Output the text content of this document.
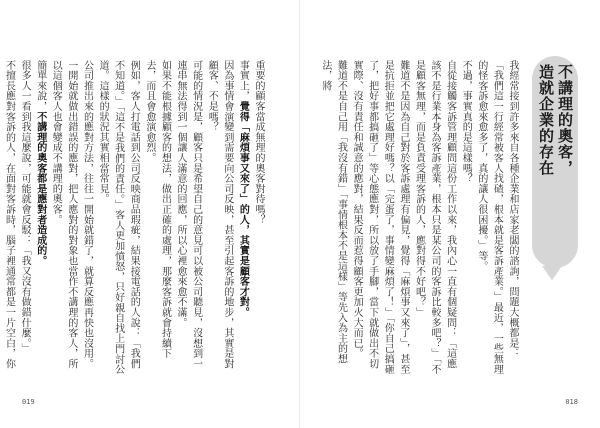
重要的顧客當成無理的奧客對待嗎？

事實上，覺得「麻煩事又來了」的人，其實是顧客才對。

因為事情會演變到需要向公司反映，甚至引起客訴的地步，其實是對顧客、不是嗎？

可能的情況是，顧客只是希望自己的意見可以被公司聽見，沒想到一連串無法得到一個讓人滿意的回應，所以心裡愈來愈不滿。

如果不能根據顧客的想法，做出正確的處理，那麼客訴就會持續下去，而且會愈演愈烈。

例如，客人打電話到公司反映商品瑕疵，結果接電話的人說：「我們不知道。」「這不是我們的責任。」客人更加憤怒，只好親自找上門討公道。這樣的狀況其實相當常見。

公司推出來的應對方法，往往一開始就錯了，就算反應再快也沒用。一開始就做出錯誤的應對，把人應對的對象也當作不講理的客人，所以這個客人也會變成不講理的奧客。

簡單來說，不講理的奧客都是應對者造成的。

很多人一看到我這麼說，可能就會反駁：「我又沒有做錯什麼。」

不擅長應對客訴的人，在面對客訴時，腦子裡通常都是一片空白，你

019
不講理的奧客，
造就企業的存在

我經常接到許多來自各種企業和店家老闆的諮詢，問題大概都是：「我們這一行經常被客人找碴，根本就是客訴產業。」最近，一些無理的怪客訴愈來愈多了，真的讓人很困擾。」等。

不過，事實真的是這樣嗎？

自從接觸客訴管理顧問這份工作以來，我內心一直有個疑問：「這應該不是行業本身為客訴產業，根本只是某公司的客訴比較多吧？」「不是顧客無理，而是負責受理客訴的人，應對得不好吧？」

難道不是因為自己對於客訴處理有偏見，覺得「麻煩事又來了」，甚至是抗拒並把它處理好嗎？以「完蛋了，事情變麻煩了！」「你自己搞砸了，把好事都搞砸了」等心態應對，所以放了手腳，當下就做出不切實際、沒有責任和誠意的應對，結果反而惹得顧客更加火大而已。

難道不是自己用「我沒有錯」「事情根本不是這樣」等先入為主的想法，將

018
